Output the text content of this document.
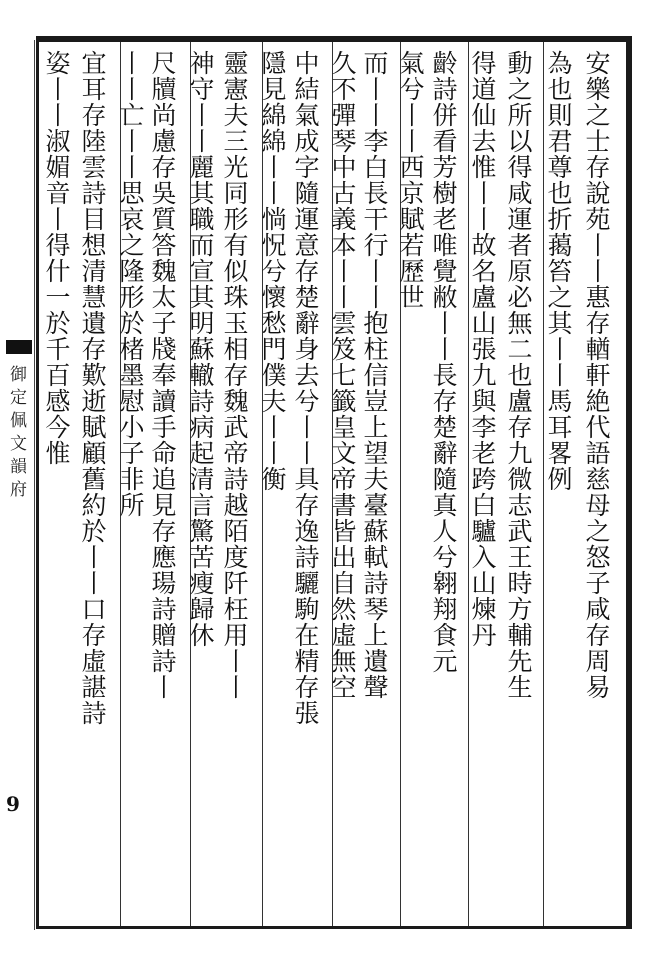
御定佩文韻府
9
安樂之士存說苑丨丨惠存輶軒絶代語慈母之怒子咸存周易
為也則君尊也折䔾笞之其丨丨馬耳畧例
動之所以得咸運者原必無二也盧存九微志武王時方輔先生
得道仙去惟丨丨故名盧山張九與李老跨白驢入山煉丹
齡詩併看芳樹老唯覺敝丨丨長存楚辭隨真人兮翱翔食元
氣兮丨丨西京賦若歷世
而丨丨李白長干行丨丨抱柱信豈上望夫臺蘇軾詩琴上遺聲
久不彈琴中古義本丨丨雲笈七籤皇文帝書皆出自然虛無空
中結氣成字隨運意存楚辭身去兮丨丨具存逸詩驪駒在精存張
隱見綿綿丨丨惝怳兮懷愁門僕夫丨丨衡
靈憲夫三光同形有似珠玉相存魏武帝詩越陌度阡枉用丨丨
神守丨丨麗其職而宣其明蘇轍詩病起清言驚苦瘦歸休
尺牘尚慮存吳質答魏太子牋奉讀手命追見存應瑒詩贈詩丨
丨丨亡丨丨思哀之隆形於楮墨慰小子非所
宜耳存陸雲詩目想清慧遺存歎逝賦顧舊約於丨丨口存虛諶詩
姿丨丨淑媚音丨得什一於千百感今惟
